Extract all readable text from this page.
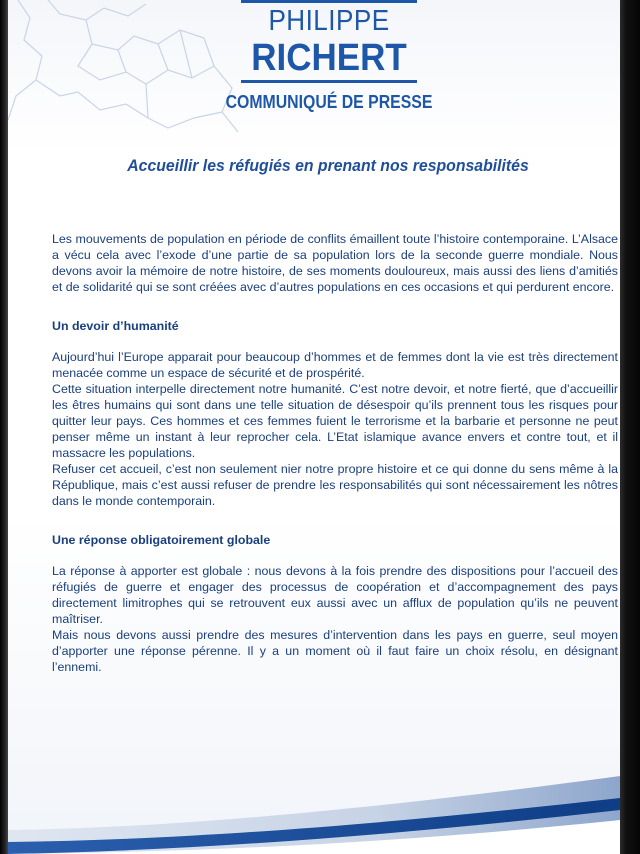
PHILIPPE
RICHERT
COMMUNIQUÉ DE PRESSE
Accueillir les réfugiés en prenant nos responsabilités

Les mouvements de population en période de conflits émaillent toute l’histoire contemporaine. L’Alsace a vécu cela avec l’exode d’une partie de sa population lors de la seconde guerre mondiale. Nous devons avoir la mémoire de notre histoire, de ses moments douloureux, mais aussi des liens d’amitiés et de solidarité qui se sont créées avec d’autres populations en ces occasions et qui perdurent encore.

Un devoir d’humanité

Aujourd’hui l’Europe apparait pour beaucoup d’hommes et de femmes dont la vie est très directement menacée comme un espace de sécurité et de prospérité.

Cette situation interpelle directement notre humanité. C’est notre devoir, et notre fierté, que d’accueillir les êtres humains qui sont dans une telle situation de désespoir qu’ils prennent tous les risques pour quitter leur pays. Ces hommes et ces femmes fuient le terrorisme et la barbarie et personne ne peut penser même un instant à leur reprocher cela. L’Etat islamique avance envers et contre tout, et il massacre les populations.

Refuser cet accueil, c’est non seulement nier notre propre histoire et ce qui donne du sens même à la République, mais c’est aussi refuser de prendre les responsabilités qui sont nécessairement les nôtres dans le monde contemporain.

Une réponse obligatoirement globale

La réponse à apporter est globale : nous devons à la fois prendre des dispositions pour l’accueil des réfugiés de guerre et engager des processus de coopération et d’accompagnement des pays directement limitrophes qui se retrouvent eux aussi avec un afflux de population qu’ils ne peuvent maîtriser.

Mais nous devons aussi prendre des mesures d’intervention dans les pays en guerre, seul moyen d’apporter une réponse pérenne. Il y a un moment où il faut faire un choix résolu, en désignant l’ennemi.
